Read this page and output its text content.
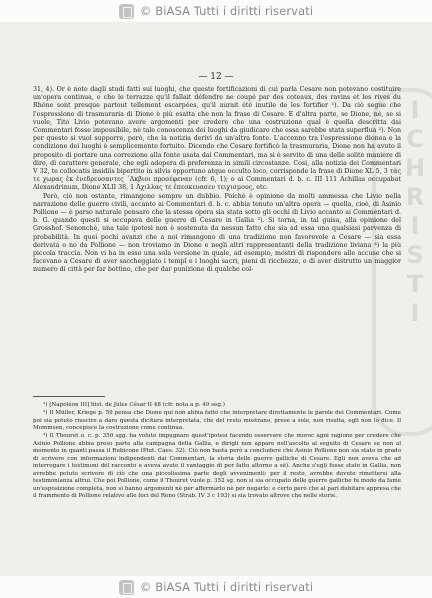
© BiASA Tutti i diritti riservati
I
C
H
R
I
S
T
I
— 12 —

31, 4). Or è noto dagli studi fatti sui luoghi, che queste fortificazioni di cui parla Cesare non potevano costituire un'opera continua, e che le terrazze qu'il fallait défendre ne coupé par des coteaux, des ravins et les rives du Rhône sont presque partout tellement escarpées, qu'il aurait été inutile de les fortifier ¹). Da ciò segue che l'espressione di trasmuraria di Dione è più esatta che non la frase di Cesare. E d'altra parte, se Dione, nè, se si vuole, Tito Livio potevano avere argomenti per credere che una costruzione qual è quella descritta dai Commentari fosse impossibile, nè tale conoscenza dei luoghi da giudicare che essa sarebbe stata superflua ²). Non per questo si vuol supporre, però, che la notizia derivi da un'altra fonte. L'accenno tra l'espressione dionea e la condizione dei luoghi è semplicemente fortuito. Dicendo che Cesare fortificò la trasmuraria, Dione non ha avuto il proposito di portare una correzione alla fonte usata dai Commentari, ma si è servito di una delle solite maniere di dire, di carattere generale, che egli adopera di preferenza in simili circostanze. Cosi, alla notizia dei Commentari V 32, te collocatis insidiis bipertito in silvis opportuno atque occulto loco, corrisponde la frase di Dione XL 5, 3 τὰς τε χωρας ἐκ ἐνεδρευσαντες ᾿Ακβιοι προσέφεναν (cfr. 6, 1); o ai Commentari d. b. c. III 111 Achillas occupabat Alexandrinum, Dione XLII 38, 1 Ἀχιλλας τε ἐπεσκευασεν τειχισμους, etc.

Però, ciò non ostante, rimangono sempre un dubbio. Poichè è opinione da molti ammessa che Livio nella narrazione delle guerre civili, accanto ai Commentari d. b. c. abbia tenuto un'altra opera — quella, cioè, di Asinio Pollione — è parso naturale pensare che la stessa opera sia stata sotto gli occhi di Livio accanto ai Commentari d. b. G. quando questi si occupava delle guerre di Cesare in Gallia ³). Si torna, in tal guisa, alla opinione del Grosshof. Senonchè, una tale ipotesi non è sostenuta da nessun fatto che sia ad essa una qualsiasi parvenza di probabilità. In quei pochi avanzi che a noi rimangono di una tradizione non favorevole a Cesare — sia essa derivata o no da Pollione — non troviamo in Dione e negli altri rappresentanti della tradizione liviana ⁴) la più piccola traccia. Non vi ha in esso una sola versione in quale, ad esempio, mostri di rispondere alle accuse che si facevano a Cesare di aver saccheggiato i tempî e i luoghi sacri, pieni di ricchezze, e di aver distrutto un maggior numero di città per far bottino, che per dar punizione di qualche col-

¹) [Napoléon III] hist. de Jules César II 48 (cfr. nota a p. 49 seg.)

²) Il Müller, Kriege p. 59 pensa che Dione qui non abbia fatto che interpretare direttamente le parole dei Commentari. Come poi sia potuto riuscire a dare questa dicitura interpretata, che del resto mostrano, prese a sole, non risulta, egli non lo dice. Il Mommsen, concepisce la costruzione come continua.

³) Il Thouret o. c. p. 350 sgg. ha voluto impugnare quest'ipotesi facendo osservare che moroc agni ragione per credere che Asinio Pollione abbia preso parte alla campagna della Gallia, e dirigli non appare nell'ascolto al seguito di Cesare se non al momento in quanti passa il Rubicone (Plut. Caes. 32). Ciò non basta però a concludere che Asinio Pollione non sia stato in grado di scrivere con informazioni indipendenti dai Commentari, la storia delle guerre galliche di Cesare. Egli non aveva che ad interrogare i testimoni del racconto e aveva avuto il vantaggio di per fatto altorno a sè). Anche s'egli fosse stato in Gallia, non avrebbe potuto scrivere di ciò che una piccolissima parte degli avvenimenti: per il resto, avrebbe dovuto rimettersi alla testimonianza altrui. Che poi Pollione, come il Thouret vuole p. 352 sg. non si sia occupato delle guerre galliche fu modo da fame un'esposizione completa, non si hanno argomenti nè per affermarlo nè per negarlo: e certo però che al pari dubitare appresa che il frammento di Pollione relativo alle foci del Reno (Strab. IV 3 c 193) si sia trovato altrove che nelle storie.

© BiASA Tutti i diritti riservati
